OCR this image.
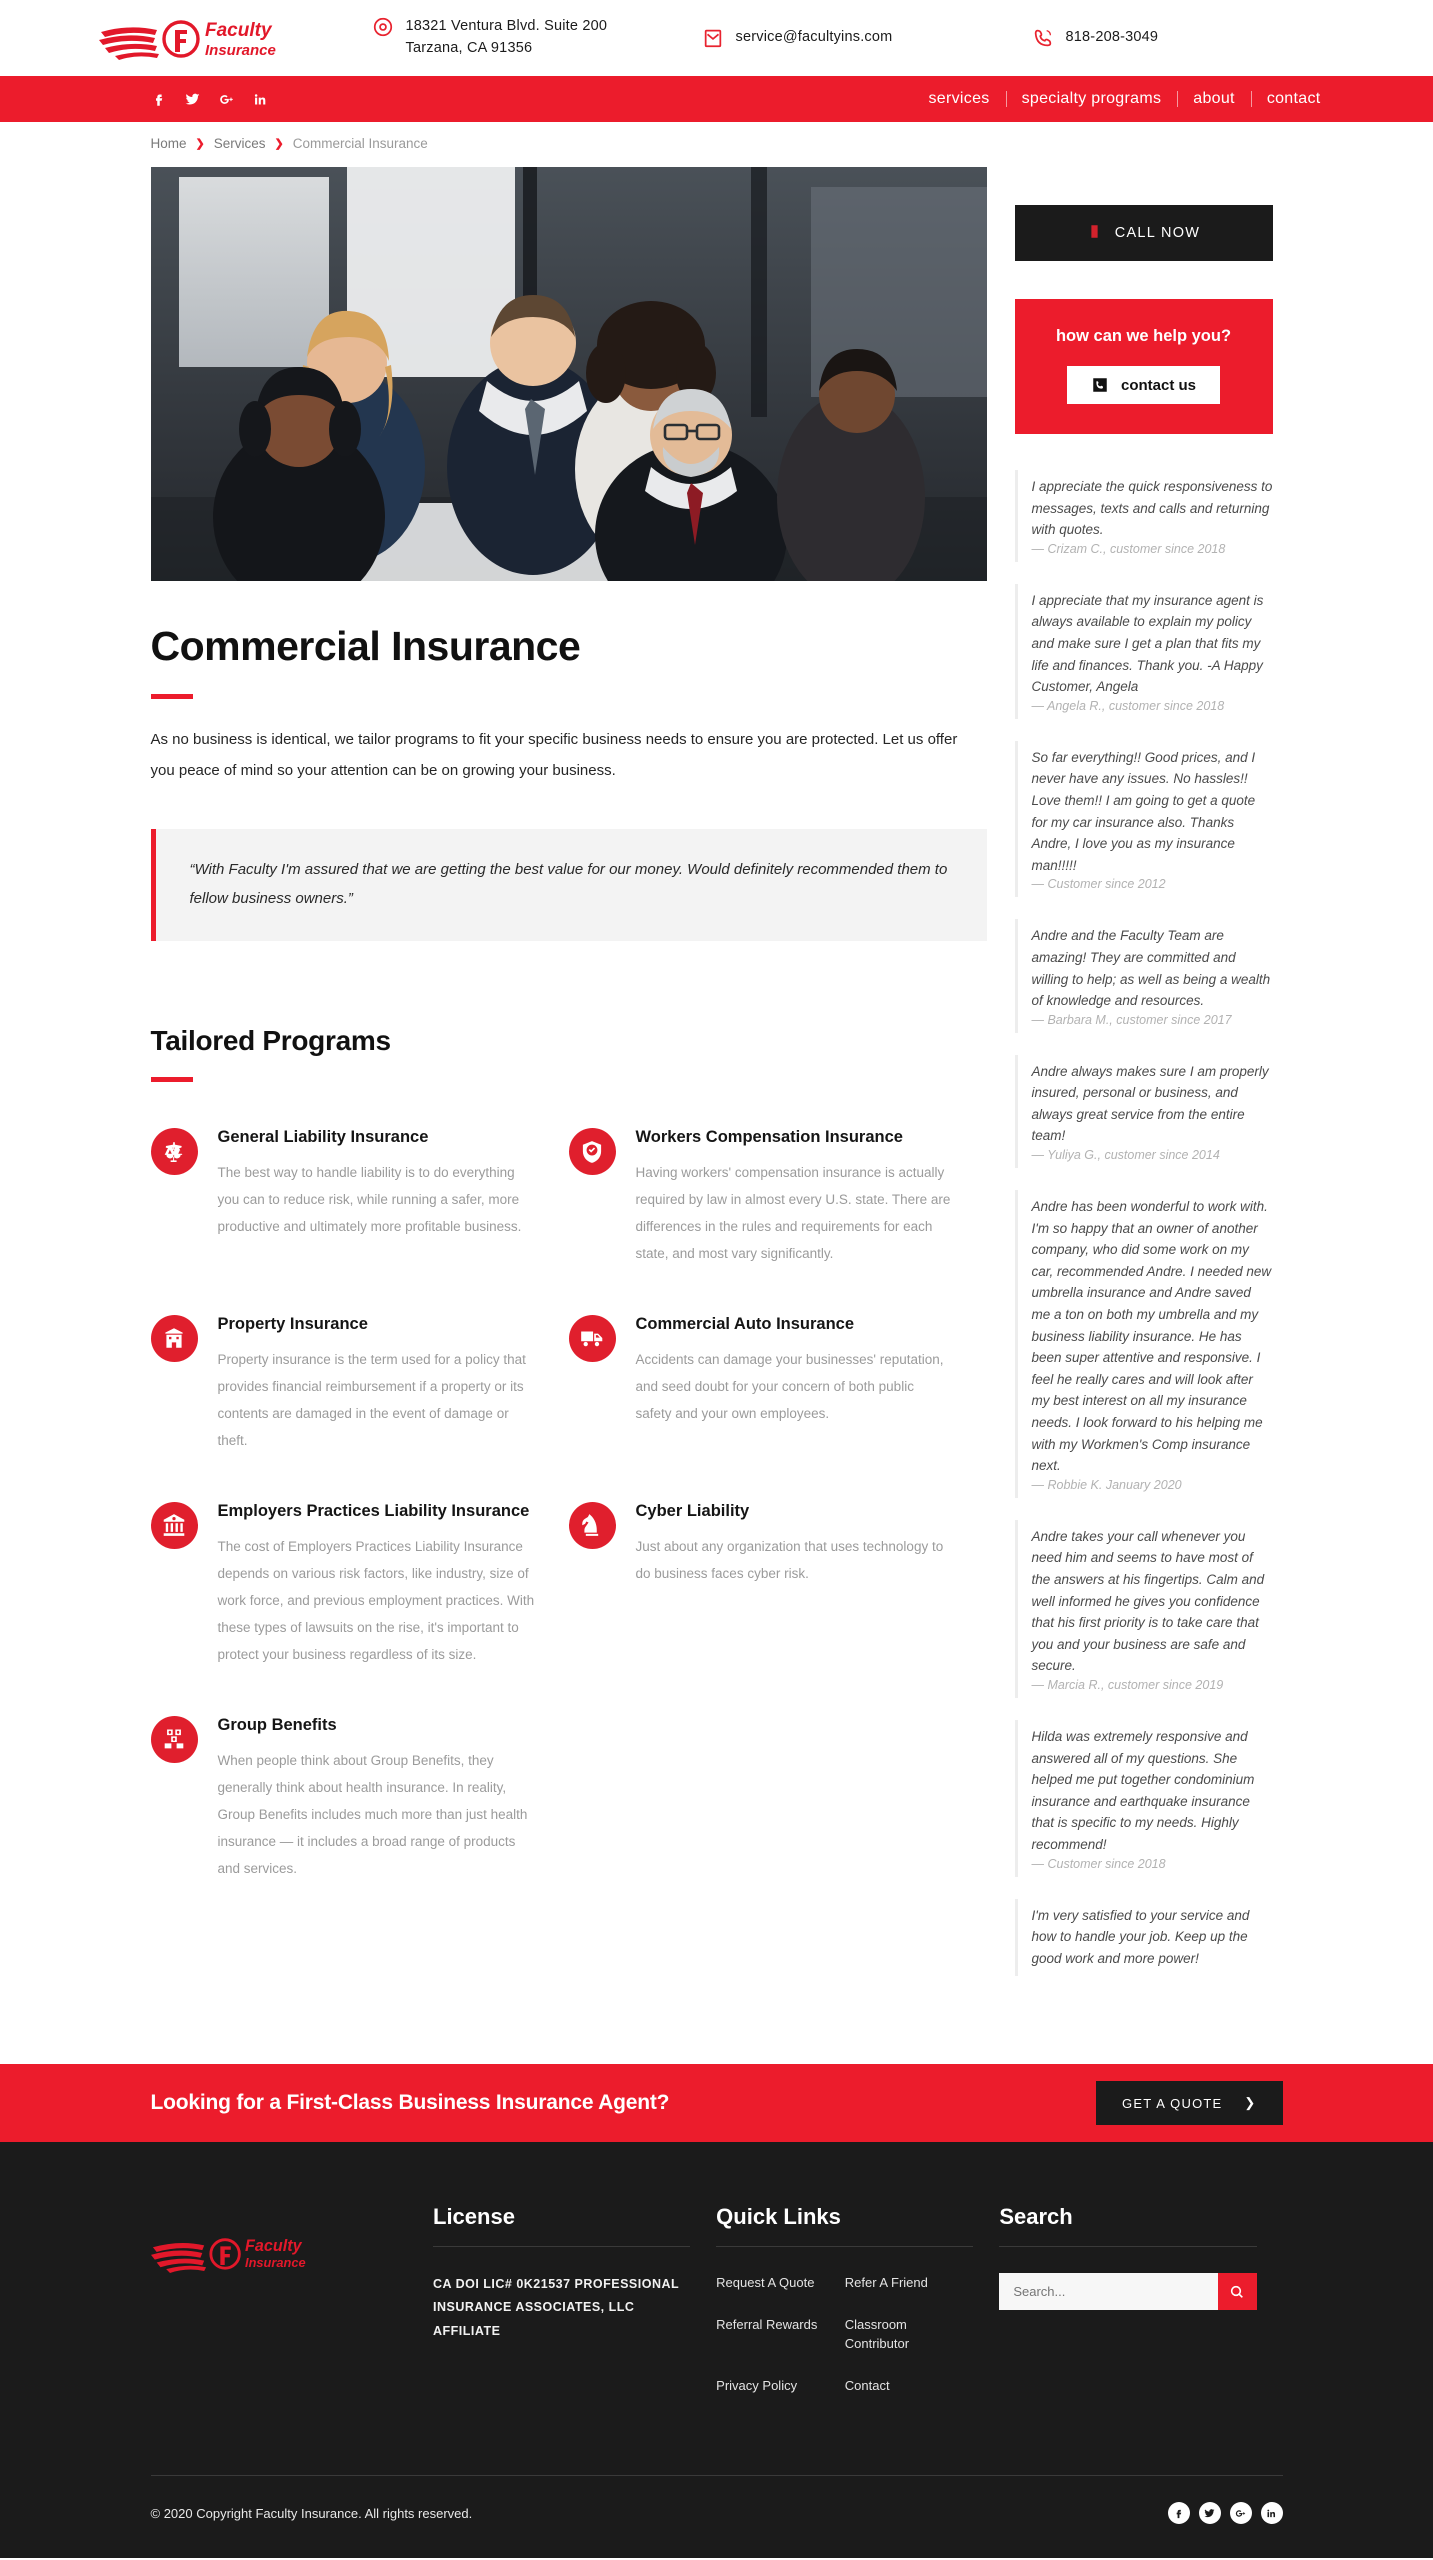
Faculty
Insurance
18321 Ventura Blvd. Suite 200
Tarzana, CA 91356
service@facultyins.com	818-208-3049
services	specialty programs	about	contact
Home ❯ Services ❯ Commercial Insurance
Commercial Insurance

As no business is identical, we tailor programs to fit your specific business needs to ensure you are protected. Let us offer you peace of mind so your attention can be on growing your business.

“With Faculty I'm assured that we are getting the best value for our money. Would definitely recommended them to fellow business owners.”

Tailored Programs
General Liability Insurance
The best way to handle liability is to do everything you can to reduce risk, while running a safer, more productive and ultimately more profitable business.
Workers Compensation Insurance
Having workers' compensation insurance is actually required by law in almost every U.S. state. There are differences in the rules and requirements for each state, and most vary significantly.
Property Insurance
Property insurance is the term used for a policy that provides financial reimbursement if a property or its contents are damaged in the event of damage or theft.
Commercial Auto Insurance
Accidents can damage your businesses' reputation, and seed doubt for your concern of both public safety and your own employees.
Employers Practices Liability Insurance
The cost of Employers Practices Liability Insurance depends on various risk factors, like industry, size of work force, and previous employment practices. With these types of lawsuits on the rise, it's important to protect your business regardless of its size.
Cyber Liability
Just about any organization that uses technology to do business faces cyber risk.
Group Benefits
When people think about Group Benefits, they generally think about health insurance. In reality, Group Benefits includes much more than just health insurance — it includes a broad range of products and services.
CALL NOW
how can we help you?
contact us

I appreciate the quick responsiveness to messages, texts and calls and returning with quotes.

— Crizam C., customer since 2018

I appreciate that my insurance agent is always available to explain my policy and make sure I get a plan that fits my life and finances. Thank you. -A Happy Customer, Angela

— Angela R., customer since 2018

So far everything!! Good prices, and I never have any issues. No hassles!! Love them!! I am going to get a quote for my car insurance also. Thanks Andre, I love you as my insurance man!!!!!

— Customer since 2012

Andre and the Faculty Team are amazing! They are committed and willing to help; as well as being a wealth of knowledge and resources.

— Barbara M., customer since 2017

Andre always makes sure I am properly insured, personal or business, and always great service from the entire team!

— Yuliya G., customer since 2014

Andre has been wonderful to work with. I'm so happy that an owner of another company, who did some work on my car, recommended Andre. I needed new umbrella insurance and Andre saved me a ton on both my umbrella and my business liability insurance. He has been super attentive and responsive. I feel he really cares and will look after my best interest on all my insurance needs. I look forward to his helping me with my Workmen's Comp insurance next.

— Robbie K. January 2020

Andre takes your call whenever you need him and seems to have most of the answers at his fingertips. Calm and well informed he gives you confidence that his first priority is to take care that you and your business are safe and secure.

— Marcia R., customer since 2019

Hilda was extremely responsive and answered all of my questions. She helped me put together condominium insurance and earthquake insurance that is specific to my needs. Highly recommend!

— Customer since 2018

I'm very satisfied to your service and how to handle your job. Keep up the good work and more power!

Looking for a First-Class Business Insurance Agent?	GET A QUOTE ❯
Faculty
Insurance
License
CA DOI LIC# 0K21537 PROFESSIONAL INSURANCE ASSOCIATES, LLC AFFILIATE
Quick Links
Request A Quote	Refer A Friend
Referral Rewards	Classroom Contributor
Privacy Policy	Contact
Search
Search...
© 2020 Copyright Faculty Insurance. All rights reserved.
